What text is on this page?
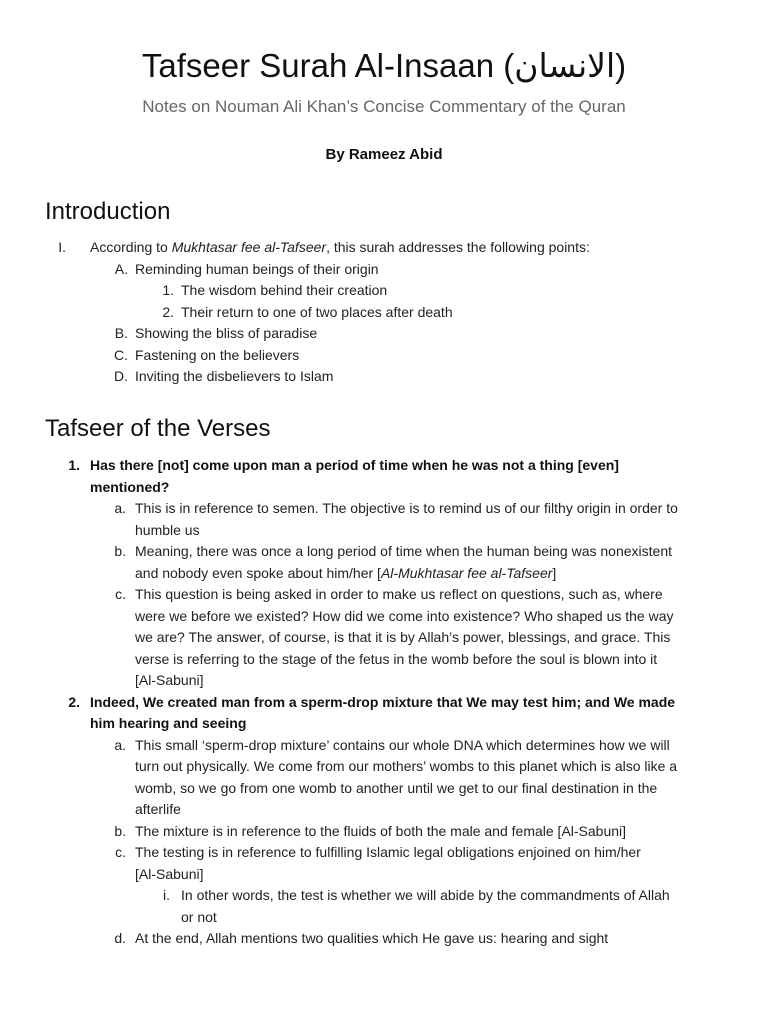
Tafseer Surah Al-Insaan (الانسان)
Notes on Nouman Ali Khan’s Concise Commentary of the Quran
By Rameez Abid
Introduction
I. According to Mukhtasar fee al-Tafseer, this surah addresses the following points:
A. Reminding human beings of their origin
1. The wisdom behind their creation
2. Their return to one of two places after death
B. Showing the bliss of paradise
C. Fastening on the believers
D. Inviting the disbelievers to Islam
Tafseer of the Verses
1. Has there [not] come upon man a period of time when he was not a thing [even]
mentioned?
a. This is in reference to semen. The objective is to remind us of our filthy origin in order to
humble us
b. Meaning, there was once a long period of time when the human being was nonexistent
and nobody even spoke about him/her [Al-Mukhtasar fee al-Tafseer]
c. This question is being asked in order to make us reflect on questions, such as, where
were we before we existed? How did we come into existence? Who shaped us the way
we are? The answer, of course, is that it is by Allah’s power, blessings, and grace. This
verse is referring to the stage of the fetus in the womb before the soul is blown into it
[Al-Sabuni]
2. Indeed, We created man from a sperm-drop mixture that We may test him; and We made
him hearing and seeing
a. This small ‘sperm-drop mixture’ contains our whole DNA which determines how we will
turn out physically. We come from our mothers’ wombs to this planet which is also like a
womb, so we go from one womb to another until we get to our final destination in the
afterlife
b. The mixture is in reference to the fluids of both the male and female [Al-Sabuni]
c. The testing is in reference to fulfilling Islamic legal obligations enjoined on him/her
[Al-Sabuni]
i. In other words, the test is whether we will abide by the commandments of Allah
or not
d. At the end, Allah mentions two qualities which He gave us: hearing and sight
